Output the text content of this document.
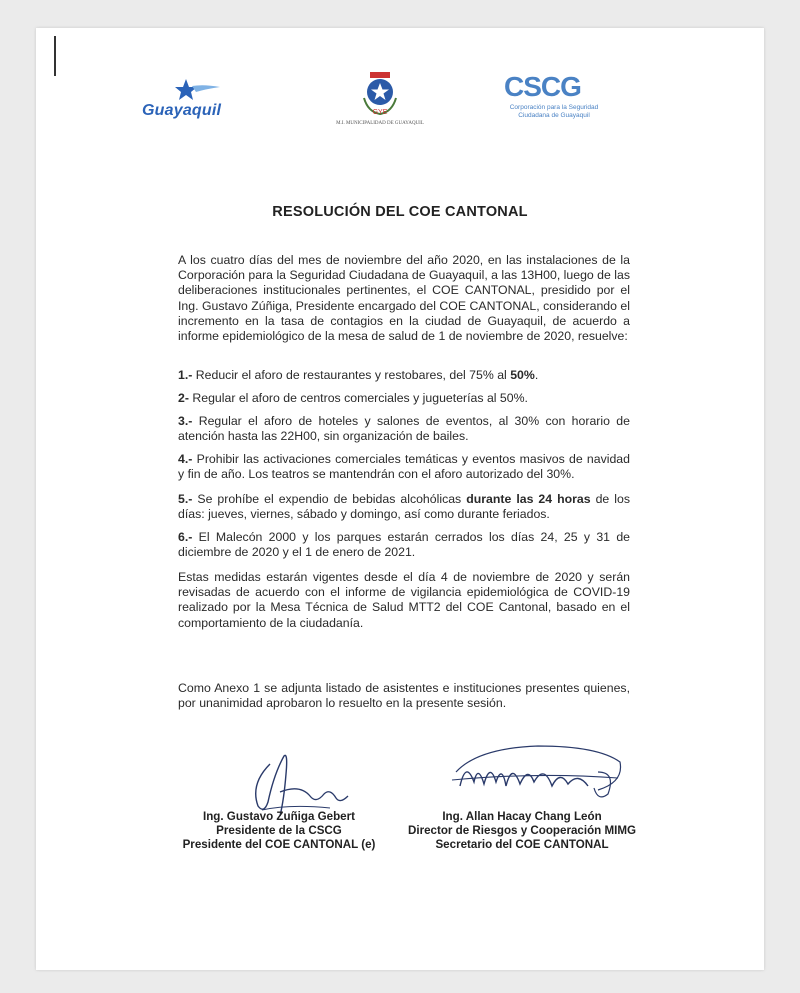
Guayaquil	GYE
M.I. MUNICIPALIDAD DE GUAYAQUIL
CSCG
Corporación para la Seguridad Ciudadana de Guayaquil
RESOLUCIÓN DEL COE CANTONAL
A los cuatro días del mes de noviembre del año 2020, en las instalaciones de la Corporación para la Seguridad Ciudadana de Guayaquil, a las 13H00, luego de las deliberaciones institucionales pertinentes, el COE CANTONAL, presidido por el Ing. Gustavo Zúñiga, Presidente encargado del COE CANTONAL, considerando el incremento en la tasa de contagios en la ciudad de Guayaquil, de acuerdo a informe epidemiológico de la mesa de salud de 1 de noviembre de 2020, resuelve:
1.- Reducir el aforo de restaurantes y restobares, del 75% al 50%.
2- Regular el aforo de centros comerciales y jugueterías al 50%.
3.- Regular el aforo de hoteles y salones de eventos, al 30% con horario de atención hasta las 22H00, sin organización de bailes.
4.- Prohibir las activaciones comerciales temáticas y eventos masivos de navidad y fin de año. Los teatros se mantendrán con el aforo autorizado del 30%.
5.- Se prohíbe el expendio de bebidas alcohólicas durante las 24 horas de los días: jueves, viernes, sábado y domingo, así como durante feriados.
6.- El Malecón 2000 y los parques estarán cerrados los días 24, 25 y 31 de diciembre de 2020 y el 1 de enero de 2021.
Estas medidas estarán vigentes desde el día 4 de noviembre de 2020 y serán revisadas de acuerdo con el informe de vigilancia epidemiológica de COVID-19 realizado por la Mesa Técnica de Salud MTT2 del COE Cantonal, basado en el comportamiento de la ciudadanía.
Como Anexo 1 se adjunta listado de asistentes e instituciones presentes quienes, por unanimidad aprobaron lo resuelto en la presente sesión.
Ing. Gustavo Zuñiga Gebert
Presidente de la CSCG
Presidente del COE CANTONAL (e)
Ing. Allan Hacay Chang León
Director de Riesgos y Cooperación MIMG
Secretario del COE CANTONAL
